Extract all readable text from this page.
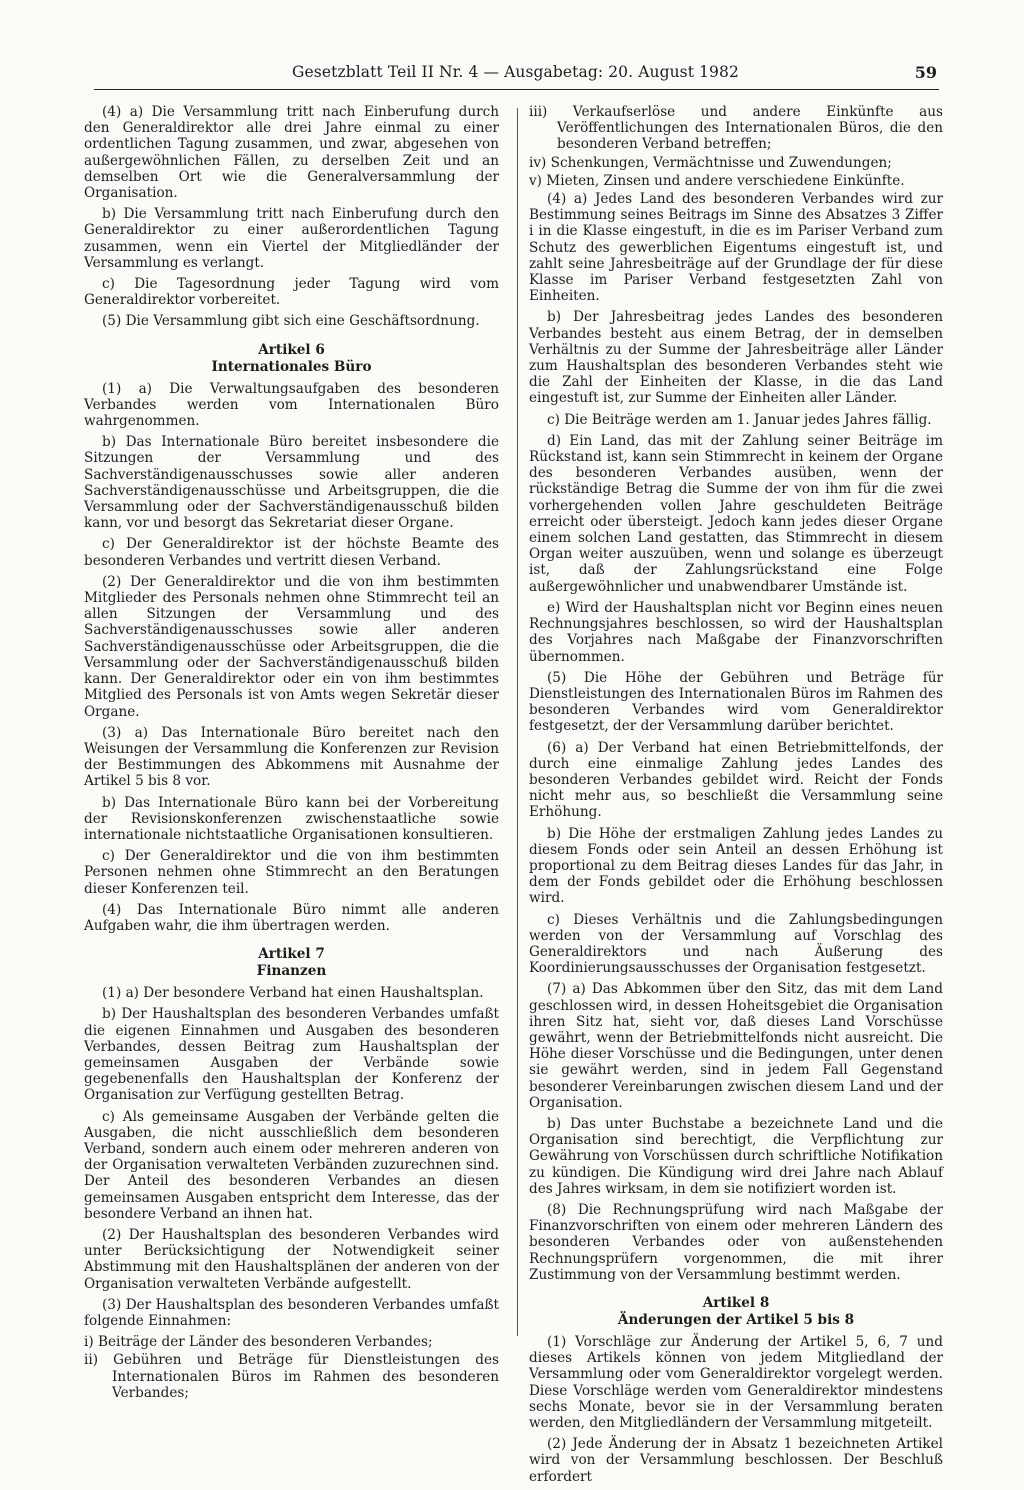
Gesetzblatt Teil II Nr. 4 — Ausgabetag: 20. August 1982	59

(4) a) Die Versammlung tritt nach Einberufung durch den Generaldirektor alle drei Jahre einmal zu einer ordentlichen Tagung zusammen, und zwar, abgesehen von außergewöhnlichen Fällen, zu derselben Zeit und an demselben Ort wie die Generalversammlung der Organisation.

b) Die Versammlung tritt nach Einberufung durch den Generaldirektor zu einer außerordentlichen Tagung zusammen, wenn ein Viertel der Mitgliedländer der Versammlung es verlangt.

c) Die Tagesordnung jeder Tagung wird vom Generaldirektor vorbereitet.

(5) Die Versammlung gibt sich eine Geschäftsordnung.

Artikel 6
Internationales Büro

(1) a) Die Verwaltungsaufgaben des besonderen Verbandes werden vom Internationalen Büro wahrgenommen.

b) Das Internationale Büro bereitet insbesondere die Sitzungen der Versammlung und des Sachverständigenausschusses sowie aller anderen Sachverständigenausschüsse und Arbeitsgruppen, die die Versammlung oder der Sachverständigenausschuß bilden kann, vor und besorgt das Sekretariat dieser Organe.

c) Der Generaldirektor ist der höchste Beamte des besonderen Verbandes und vertritt diesen Verband.

(2) Der Generaldirektor und die von ihm bestimmten Mitglieder des Personals nehmen ohne Stimmrecht teil an allen Sitzungen der Versammlung und des Sachverständigenausschusses sowie aller anderen Sachverständigenausschüsse oder Arbeitsgruppen, die die Versammlung oder der Sachverständigenausschuß bilden kann. Der Generaldirektor oder ein von ihm bestimmtes Mitglied des Personals ist von Amts wegen Sekretär dieser Organe.

(3) a) Das Internationale Büro bereitet nach den Weisungen der Versammlung die Konferenzen zur Revision der Bestimmungen des Abkommens mit Ausnahme der Artikel 5 bis 8 vor.

b) Das Internationale Büro kann bei der Vorbereitung der Revisionskonferenzen zwischenstaatliche sowie internationale nichtstaatliche Organisationen konsultieren.

c) Der Generaldirektor und die von ihm bestimmten Personen nehmen ohne Stimmrecht an den Beratungen dieser Konferenzen teil.

(4) Das Internationale Büro nimmt alle anderen Aufgaben wahr, die ihm übertragen werden.

Artikel 7
Finanzen

(1) a) Der besondere Verband hat einen Haushaltsplan.

b) Der Haushaltsplan des besonderen Verbandes umfaßt die eigenen Einnahmen und Ausgaben des besonderen Verbandes, dessen Beitrag zum Haushaltsplan der gemeinsamen Ausgaben der Verbände sowie gegebenenfalls den Haushaltsplan der Konferenz der Organisation zur Verfügung gestellten Betrag.

c) Als gemeinsame Ausgaben der Verbände gelten die Ausgaben, die nicht ausschließlich dem besonderen Verband, sondern auch einem oder mehreren anderen von der Organisation verwalteten Verbänden zuzurechnen sind. Der Anteil des besonderen Verbandes an diesen gemeinsamen Ausgaben entspricht dem Interesse, das der besondere Verband an ihnen hat.

(2) Der Haushaltsplan des besonderen Verbandes wird unter Berücksichtigung der Notwendigkeit seiner Abstimmung mit den Haushaltsplänen der anderen von der Organisation verwalteten Verbände aufgestellt.

(3) Der Haushaltsplan des besonderen Verbandes umfaßt folgende Einnahmen:

i) Beiträge der Länder des besonderen Verbandes;

ii) Gebühren und Beträge für Dienstleistungen des Internationalen Büros im Rahmen des besonderen Verbandes;

iii) Verkaufserlöse und andere Einkünfte aus Veröffentlichungen des Internationalen Büros, die den besonderen Verband betreffen;

iv) Schenkungen, Vermächtnisse und Zuwendungen;

v) Mieten, Zinsen und andere verschiedene Einkünfte.

(4) a) Jedes Land des besonderen Verbandes wird zur Bestimmung seines Beitrags im Sinne des Absatzes 3 Ziffer i in die Klasse eingestuft, in die es im Pariser Verband zum Schutz des gewerblichen Eigentums eingestuft ist, und zahlt seine Jahresbeiträge auf der Grundlage der für diese Klasse im Pariser Verband festgesetzten Zahl von Einheiten.

b) Der Jahresbeitrag jedes Landes des besonderen Verbandes besteht aus einem Betrag, der in demselben Verhältnis zu der Summe der Jahresbeiträge aller Länder zum Haushaltsplan des besonderen Verbandes steht wie die Zahl der Einheiten der Klasse, in die das Land eingestuft ist, zur Summe der Einheiten aller Länder.

c) Die Beiträge werden am 1. Januar jedes Jahres fällig.

d) Ein Land, das mit der Zahlung seiner Beiträge im Rückstand ist, kann sein Stimmrecht in keinem der Organe des besonderen Verbandes ausüben, wenn der rückständige Betrag die Summe der von ihm für die zwei vorhergehenden vollen Jahre geschuldeten Beiträge erreicht oder übersteigt. Jedoch kann jedes dieser Organe einem solchen Land gestatten, das Stimmrecht in diesem Organ weiter auszuüben, wenn und solange es überzeugt ist, daß der Zahlungsrückstand eine Folge außergewöhnlicher und unabwendbarer Umstände ist.

e) Wird der Haushaltsplan nicht vor Beginn eines neuen Rechnungsjahres beschlossen, so wird der Haushaltsplan des Vorjahres nach Maßgabe der Finanzvorschriften übernommen.

(5) Die Höhe der Gebühren und Beträge für Dienstleistungen des Internationalen Büros im Rahmen des besonderen Verbandes wird vom Generaldirektor festgesetzt, der der Versammlung darüber berichtet.

(6) a) Der Verband hat einen Betriebmittelfonds, der durch eine einmalige Zahlung jedes Landes des besonderen Verbandes gebildet wird. Reicht der Fonds nicht mehr aus, so beschließt die Versammlung seine Erhöhung.

b) Die Höhe der erstmaligen Zahlung jedes Landes zu diesem Fonds oder sein Anteil an dessen Erhöhung ist proportional zu dem Beitrag dieses Landes für das Jahr, in dem der Fonds gebildet oder die Erhöhung beschlossen wird.

c) Dieses Verhältnis und die Zahlungsbedingungen werden von der Versammlung auf Vorschlag des Generaldirektors und nach Äußerung des Koordinierungsausschusses der Organisation festgesetzt.

(7) a) Das Abkommen über den Sitz, das mit dem Land geschlossen wird, in dessen Hoheitsgebiet die Organisation ihren Sitz hat, sieht vor, daß dieses Land Vorschüsse gewährt, wenn der Betriebmittelfonds nicht ausreicht. Die Höhe dieser Vorschüsse und die Bedingungen, unter denen sie gewährt werden, sind in jedem Fall Gegenstand besonderer Vereinbarungen zwischen diesem Land und der Organisation.

b) Das unter Buchstabe a bezeichnete Land und die Organisation sind berechtigt, die Verpflichtung zur Gewährung von Vorschüssen durch schriftliche Notifikation zu kündigen. Die Kündigung wird drei Jahre nach Ablauf des Jahres wirksam, in dem sie notifiziert worden ist.

(8) Die Rechnungsprüfung wird nach Maßgabe der Finanzvorschriften von einem oder mehreren Ländern des besonderen Verbandes oder von außenstehenden Rechnungsprüfern vorgenommen, die mit ihrer Zustimmung von der Versammlung bestimmt werden.

Artikel 8
Änderungen der Artikel 5 bis 8

(1) Vorschläge zur Änderung der Artikel 5, 6, 7 und dieses Artikels können von jedem Mitgliedland der Versammlung oder vom Generaldirektor vorgelegt werden. Diese Vorschläge werden vom Generaldirektor mindestens sechs Monate, bevor sie in der Versammlung beraten werden, den Mitgliedländern der Versammlung mitgeteilt.

(2) Jede Änderung der in Absatz 1 bezeichneten Artikel wird von der Versammlung beschlossen. Der Beschluß erfordert
